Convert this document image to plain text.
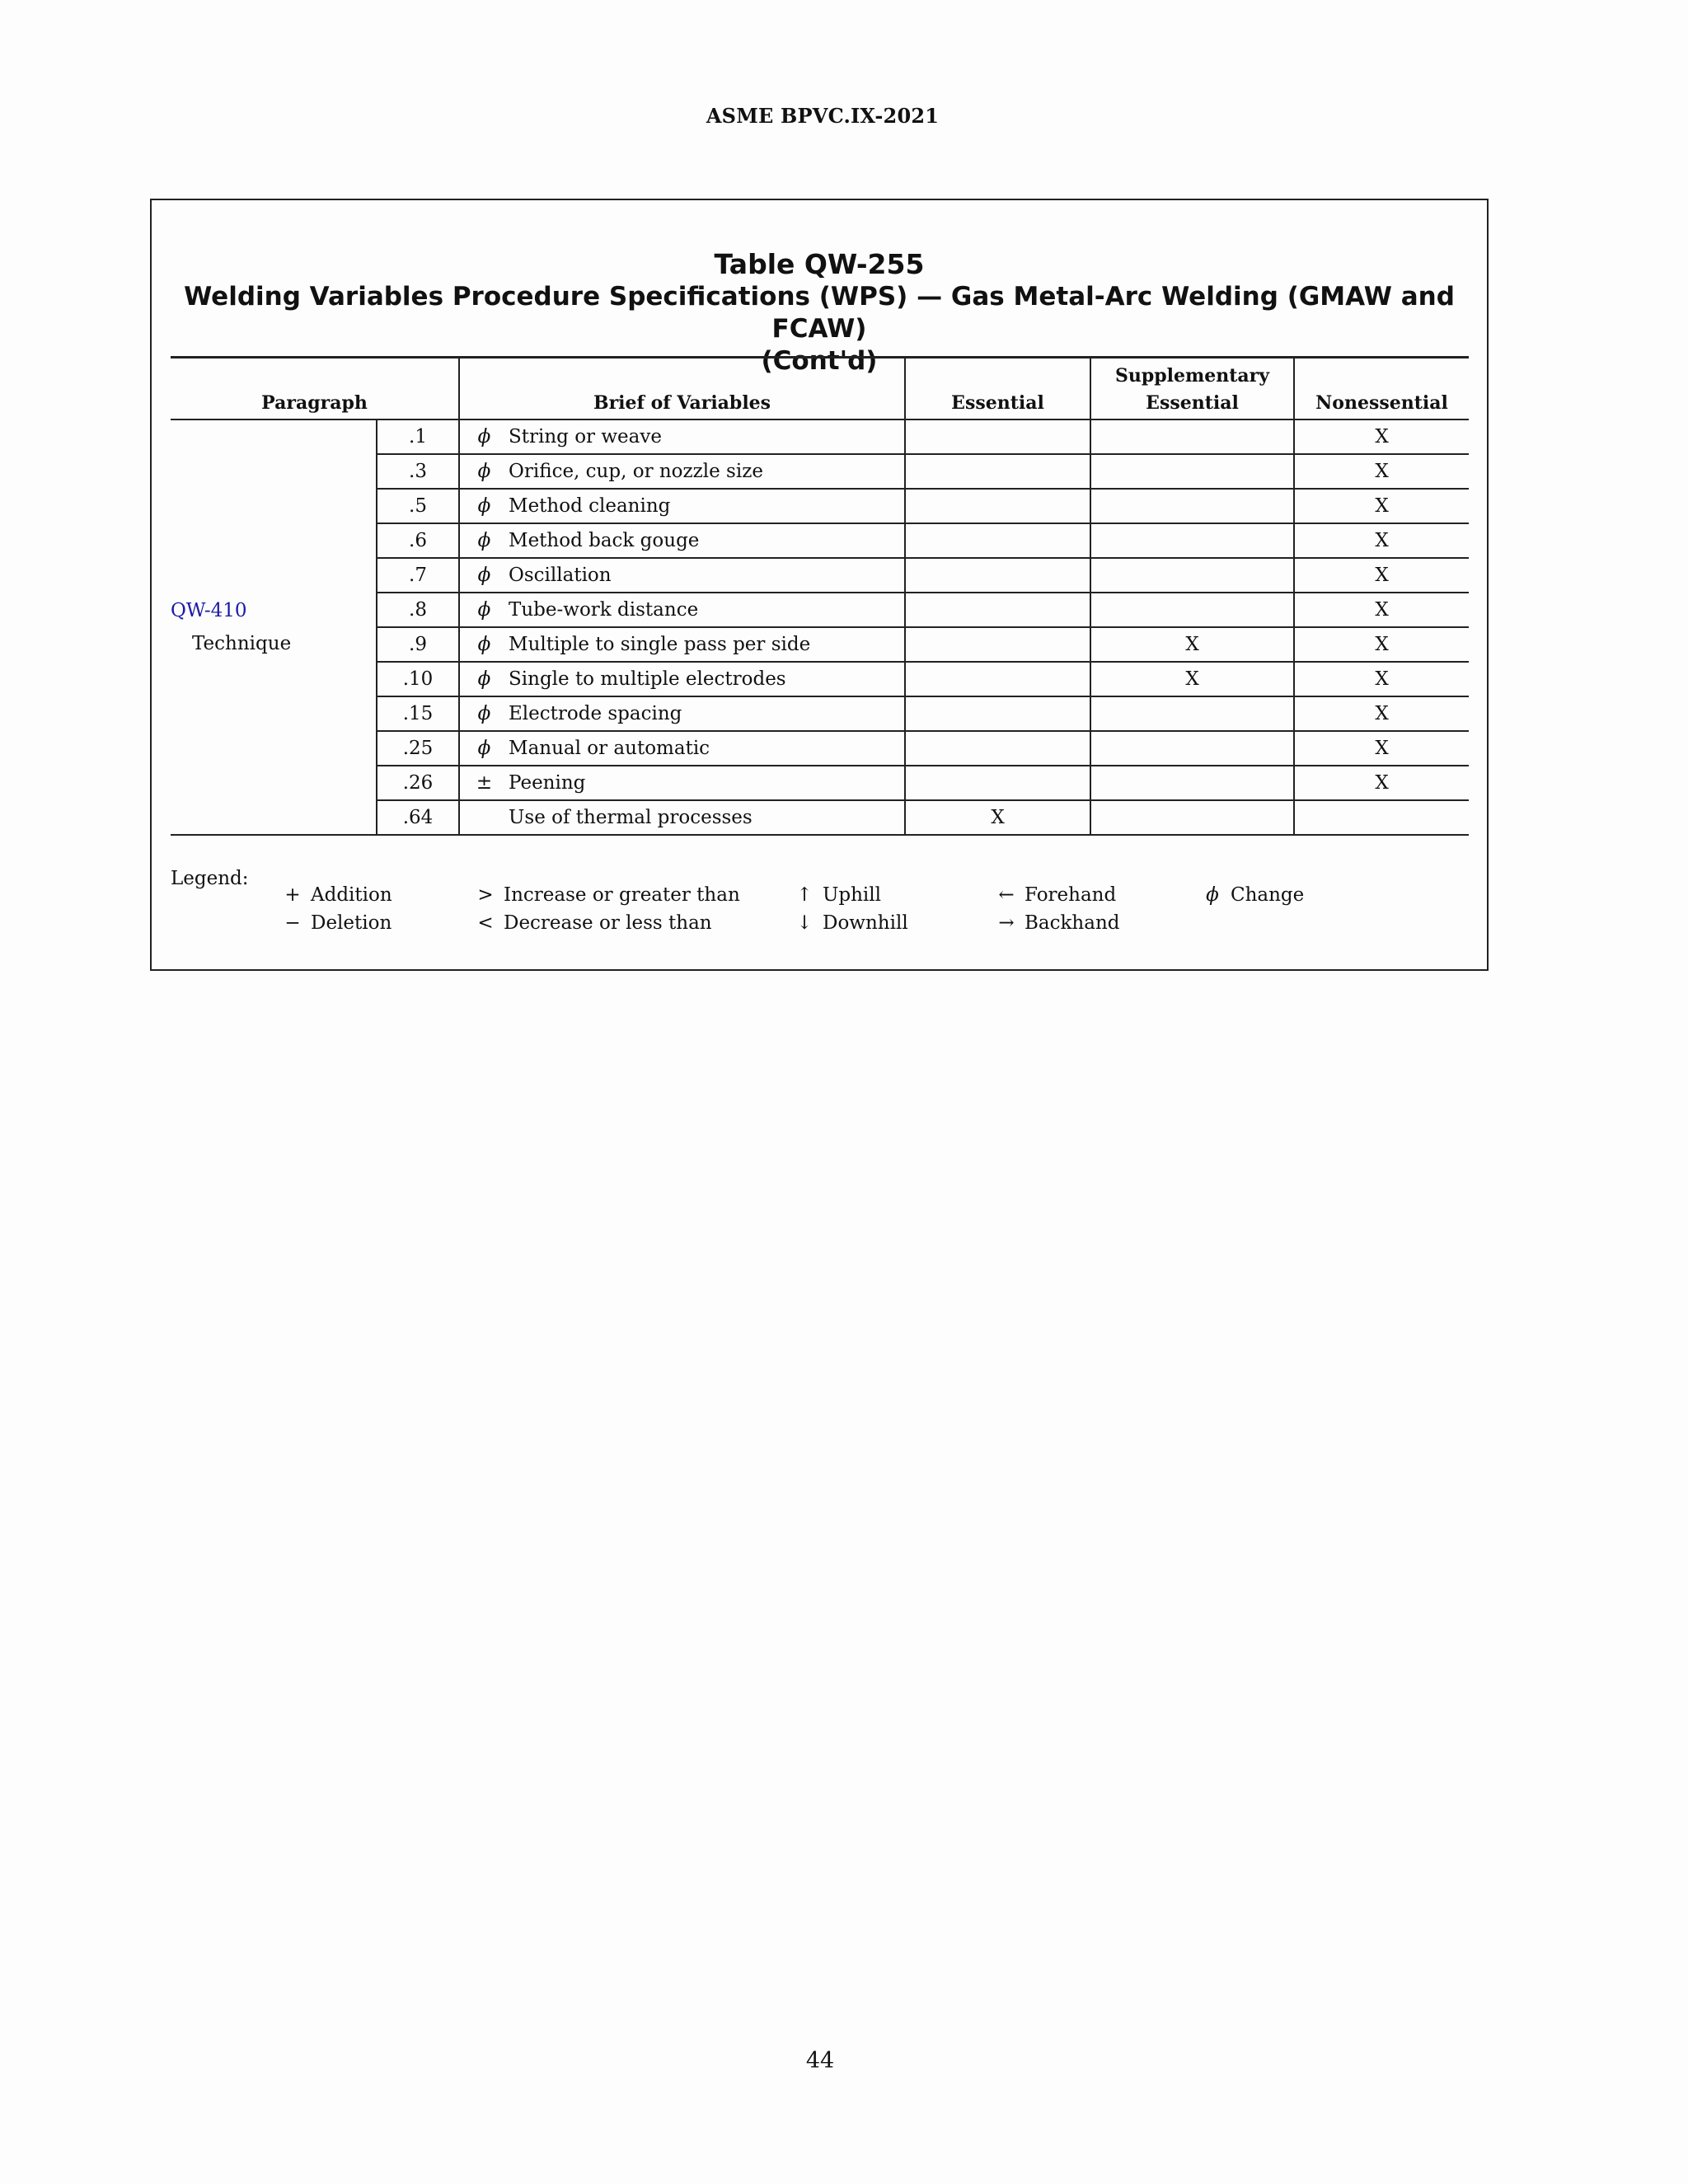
ASME BPVC.IX-2021
Table QW-255
Welding Variables Procedure Specifications (WPS) — Gas Metal-Arc Welding (GMAW and FCAW)
(Cont'd)
Paragraph		Brief of Variables		Essential	Supplementary
Essential	Nonessential

QW-410
Technique	.1	ϕ	String or weave			X
	.3	ϕ	Orifice, cup, or nozzle size			X
	.5	ϕ	Method cleaning			X
	.6	ϕ	Method back gouge			X
	.7	ϕ	Oscillation			X
	.8	ϕ	Tube-work distance			X
	.9	ϕ	Multiple to single pass per side		X	X
	.10	ϕ	Single to multiple electrodes		X	X
	.15	ϕ	Electrode spacing			X
	.25	ϕ	Manual or automatic			X
	.26	±	Peening			X
	.64		Use of thermal processes	X		
Legend:
+ Addition
− Deletion
> Increase or greater than
< Decrease or less than
↑ Uphill
↓ Downhill
← Forehand
→ Backhand
ϕ Change
44
